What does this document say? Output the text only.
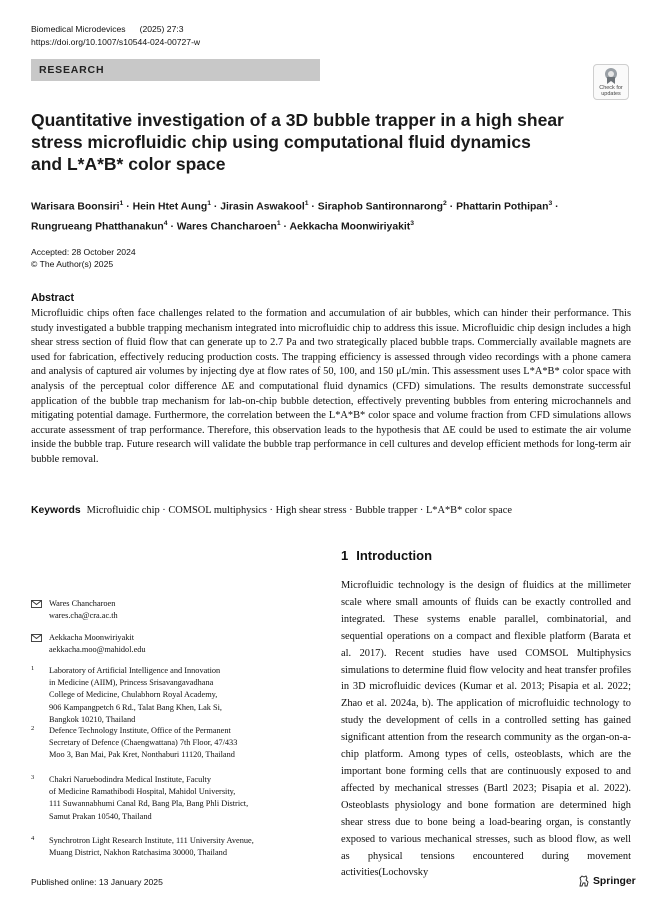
Biomedical Microdevices (2025) 27:3
https://doi.org/10.1007/s10544-024-00727-w
RESEARCH
Check for
updates
Quantitative investigation of a 3D bubble trapper in a high shear
stress microfluidic chip using computational fluid dynamics
and L*A*B* color space
Warisara Boonsiri$^1$ · Hein Htet Aung$^1$ · Jirasin Aswakool$^1$ · Siraphob Santironnarong$^2$ · Phattarin Pothipan$^3$ ·
Rungrueang Phatthanakun$^4$ · Wares Chancharoen$^1$ · Aekkacha Moonwiriyakit$^3$
Accepted: 28 October 2024
© The Author(s) 2025
Abstract

Microfluidic chips often face challenges related to the formation and accumulation of air bubbles, which can hinder their performance. This study investigated a bubble trapping mechanism integrated into microfluidic chip to address this issue. Microfluidic chip design includes a high shear stress section of fluid flow that can generate up to 2.7 Pa and two strategically placed bubble traps. Commercially available magnets are used for fabrication, effectively reducing production costs. The trapping efficiency is assessed through video recordings with a phone camera and analysis of captured air volumes by injecting dye at flow rates of 50, 100, and 150 μL/min. This assessment uses L*A*B* color space with analysis of the perceptual color difference ΔE and computational fluid dynamics (CFD) simulations. The results demonstrate successful application of the bubble trap mechanism for lab-on-chip bubble detection, effectively preventing bubbles from entering microchannels and mitigating potential damage. Furthermore, the correlation between the L*A*B* color space and volume fraction from CFD simulations allows accurate assessment of trap performance. Therefore, this observation leads to the hypothesis that ΔE could be used to estimate the air volume inside the bubble trap. Future research will validate the bubble trap performance in cell cultures and develop efficient methods for long-term air bubble removal.

Keywords Microfluidic chip · COMSOL multiphysics · High shear stress · Bubble trapper · L*A*B* color space
1 Introduction

Microfluidic technology is the design of fluidics at the millimeter scale where small amounts of fluids can be exactly controlled and integrated. These systems enable parallel, combinatorial, and sequential operations on a compact and flexible platform (Barata et al. 2017). Recent studies have used COMSOL Multiphysics simulations to determine fluid flow velocity and heat transfer profiles in 3D microfluidic devices (Kumar et al. 2013; Pisapia et al. 2022; Zhao et al. 2024a, b). The application of microfluidic technology to study the development of cells in a controlled setting has gained significant attention from the research community as the organ-on-a-chip platform. Among types of cells, osteoblasts, which are the important bone forming cells that are continuously exposed to and affected by mechanical stresses (Bartl 2023; Pisapia et al. 2022). Osteoblasts physiology and bone formation are determined high shear stress due to bone being a load-bearing organ, is constantly exposed to various mechanical stresses, such as blood flow, as well as physical tensions encountered during movement activities(Lochovsky

Wares Chancharoen
wares.cha@cra.ac.th
Aekkacha Moonwiriyakit
aekkacha.moo@mahidol.edu
1 Laboratory of Artificial Intelligence and Innovation
in Medicine (AIIM), Princess Srisavangavadhana
College of Medicine, Chulabhorn Royal Academy,
906 Kampangpetch 6 Rd., Talat Bang Khen, Lak Si,
Bangkok 10210, Thailand
2 Defence Technology Institute, Office of the Permanent
Secretary of Defence (Chaengwattana) 7th Floor, 47/433
Moo 3, Ban Mai, Pak Kret, Nonthaburi 11120, Thailand
3 Chakri Naruebodindra Medical Institute, Faculty
of Medicine Ramathibodi Hospital, Mahidol University,
111 Suwannabhumi Canal Rd, Bang Pla, Bang Phli District,
Samut Prakan 10540, Thailand
4 Synchrotron Light Research Institute, 111 University Avenue,
Muang District, Nakhon Ratchasima 30000, Thailand
Published online: 13 January 2025	Springer
